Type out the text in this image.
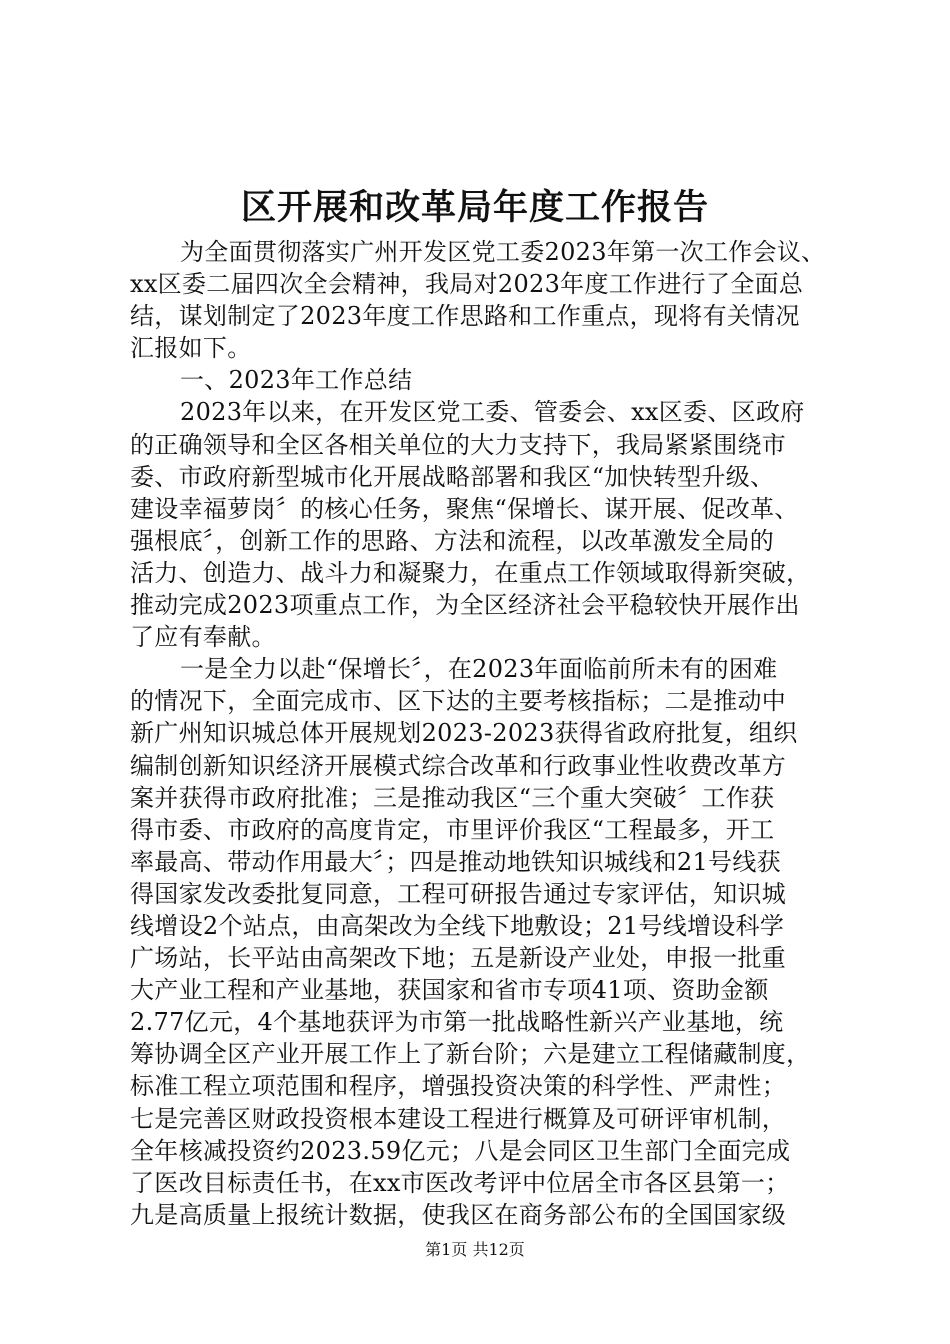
区开展和改革局年度工作报告
为全面贯彻落实广州开发区党工委2023年第一次工作会议、
xx区委二届四次全会精神，我局对2023年度工作进行了全面总
结，谋划制定了2023年度工作思路和工作重点，现将有关情况
汇报如下。
一、2023年工作总结
2023年以来，在开发区党工委、管委会、xx区委、区政府
的正确领导和全区各相关单位的大力支持下，我局紧紧围绕市
委、市政府新型城市化开展战略部署和我区“加快转型升级、
建设幸福萝岗〞的核心任务，聚焦“保增长、谋开展、促改革、
强根底〞，创新工作的思路、方法和流程，以改革激发全局的
活力、创造力、战斗力和凝聚力，在重点工作领域取得新突破，
推动完成2023项重点工作，为全区经济社会平稳较快开展作出
了应有奉献。
一是全力以赴“保增长〞，在2023年面临前所未有的困难
的情况下，全面完成市、区下达的主要考核指标；二是推动中
新广州知识城总体开展规划2023-2023获得省政府批复，组织
编制创新知识经济开展模式综合改革和行政事业性收费改革方
案并获得市政府批准；三是推动我区“三个重大突破〞工作获
得市委、市政府的高度肯定，市里评价我区“工程最多，开工
率最高、带动作用最大〞；四是推动地铁知识城线和21号线获
得国家发改委批复同意，工程可研报告通过专家评估，知识城
线增设2个站点，由高架改为全线下地敷设；21号线增设科学
广场站，长平站由高架改下地；五是新设产业处，申报一批重
大产业工程和产业基地，获国家和省市专项41项、资助金额
2.77亿元，4个基地获评为市第一批战略性新兴产业基地，统
筹协调全区产业开展工作上了新台阶；六是建立工程储藏制度，
标准工程立项范围和程序，增强投资决策的科学性、严肃性；
七是完善区财政投资根本建设工程进行概算及可研评审机制，
全年核减投资约2023.59亿元；八是会同区卫生部门全面完成
了医改目标责任书，在xx市医改考评中位居全市各区县第一；
九是高质量上报统计数据，使我区在商务部公布的全国国家级
第1页 共12页
